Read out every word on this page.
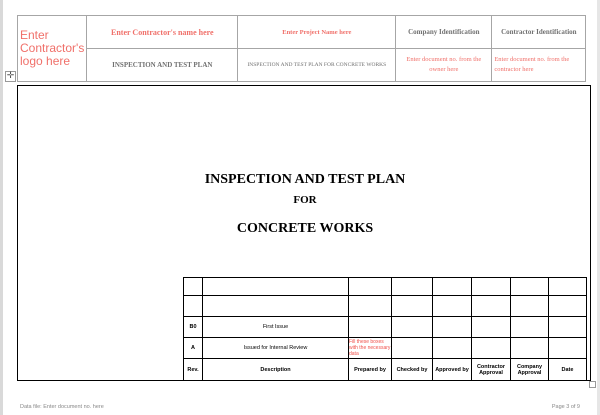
Enter Contractor's logo here	Enter Contractor's name here	Enter Project Name here	Company Identification	Contractor Identification
	INSPECTION AND TEST PLAN	INSPECTION AND TEST PLAN FOR CONCRETE WORKS	Enter document no. from the owner here	Enter document no. from the contractor here
✛
INSPECTION AND TEST PLAN
FOR
CONCRETE WORKS

B0	First Issue						
A	Issued for Internal Review	Fill these boxes with the necessary data					
Rev.	Description	Prepared by	Checked by	Approved by	Contractor Approval	Company Approval	Date
Data file: Enter document no. here	Page 3 of 9
